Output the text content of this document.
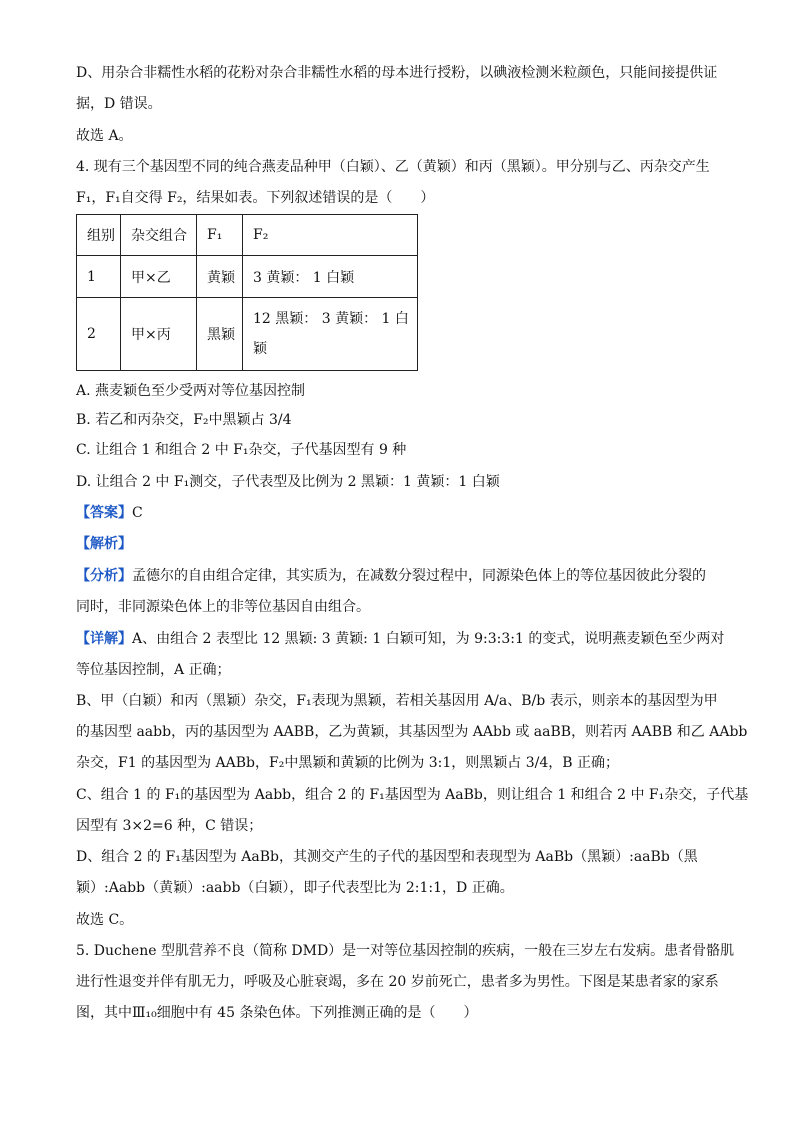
D、用杂合非糯性水稻的花粉对杂合非糯性水稻的母本进行授粉，以碘液检测米粒颜色，只能间接提供证
据，D 错误。
故选 A。
4. 现有三个基因型不同的纯合燕麦品种甲（白颖）、乙（黄颖）和丙（黑颖）。甲分别与乙、丙杂交产生
F₁，F₁自交得 F₂，结果如表。下列叙述错误的是（　　）
组别	杂交组合	F₁	F₂
1	甲×乙	黄颖	3 黄颖： 1 白颖
2	甲×丙	黑颖	12 黑颖： 3 黄颖： 1 白颖
A. 燕麦颖色至少受两对等位基因控制
B. 若乙和丙杂交，F₂中黑颖占 3/4
C. 让组合 1 和组合 2 中 F₁杂交，子代基因型有 9 种
D. 让组合 2 中 F₁测交，子代表型及比例为 2 黑颖：1 黄颖：1 白颖
【答案】C
【解析】
【分析】孟德尔的自由组合定律，其实质为，在减数分裂过程中，同源染色体上的等位基因彼此分裂的
同时，非同源染色体上的非等位基因自由组合。
【详解】A、由组合 2 表型比 12 黑颖: 3 黄颖: 1 白颖可知，为 9:3:3:1 的变式，说明燕麦颖色至少两对
等位基因控制，A 正确；
B、甲（白颖）和丙（黑颖）杂交，F₁表现为黑颖，若相关基因用 A/a、B/b 表示，则亲本的基因型为甲
的基因型 aabb，丙的基因型为 AABB，乙为黄颖，其基因型为 AAbb 或 aaBB，则若丙 AABB 和乙 AAbb
杂交，F1 的基因型为 AABb，F₂中黑颖和黄颖的比例为 3:1，则黑颖占 3/4，B 正确；
C、组合 1 的 F₁的基因型为 Aabb，组合 2 的 F₁基因型为 AaBb，则让组合 1 和组合 2 中 F₁杂交，子代基
因型有 3×2=6 种，C 错误；
D、组合 2 的 F₁基因型为 AaBb，其测交产生的子代的基因型和表现型为 AaBb（黑颖）:aaBb（黑
颖）:Aabb（黄颖）:aabb（白颖），即子代表型比为 2:1:1，D 正确。
故选 C。
5. Duchene 型肌营养不良（简称 DMD）是一对等位基因控制的疾病，一般在三岁左右发病。患者骨骼肌
进行性退变并伴有肌无力，呼吸及心脏衰竭，多在 20 岁前死亡，患者多为男性。下图是某患者家的家系
图，其中Ⅲ₁₀细胞中有 45 条染色体。下列推测正确的是（　　）
